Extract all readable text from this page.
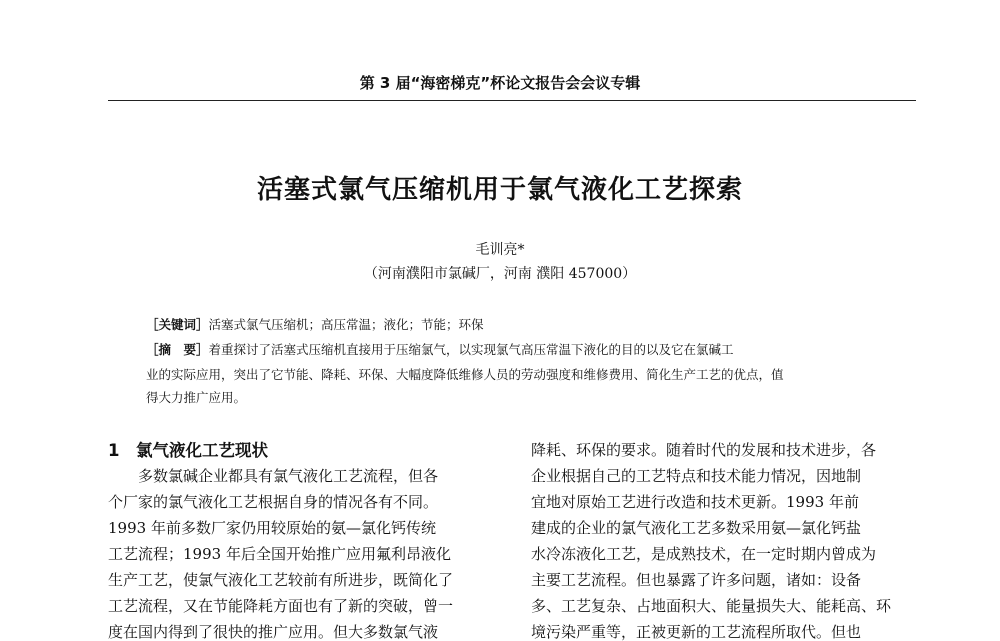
第 3 届“海密梯克”杯论文报告会会议专辑
活塞式氯气压缩机用于氯气液化工艺探索
毛训亮*
（河南濮阳市氯碱厂，河南 濮阳 457000）
［关键词］活塞式氯气压缩机；高压常温；液化；节能；环保
［摘　要］着重探讨了活塞式压缩机直接用于压缩氯气，以实现氯气高压常温下液化的目的以及它在氯碱工
业的实际应用，突出了它节能、降耗、环保、大幅度降低维修人员的劳动强度和维修费用、简化生产工艺的优点，值
得大力推广应用。
1　氯气液化工艺现状
　　多数氯碱企业都具有氯气液化工艺流程，但各
个厂家的氯气液化工艺根据自身的情况各有不同。
1993 年前多数厂家仍用较原始的氨—氯化钙传统
工艺流程；1993 年后全国开始推广应用氟利昂液化
生产工艺，使氯气液化工艺较前有所进步，既简化了
工艺流程，又在节能降耗方面也有了新的突破，曾一
度在国内得到了很快的推广应用。但大多数氯气液
降耗、环保的要求。随着时代的发展和技术进步，各
企业根据自己的工艺特点和技术能力情况，因地制
宜地对原始工艺进行改造和技术更新。1993 年前
建成的企业的氯气液化工艺多数采用氨—氯化钙盐
水冷冻液化工艺，是成熟技术，在一定时期内曾成为
主要工艺流程。但也暴露了许多问题，诸如：设备
多、工艺复杂、占地面积大、能量损失大、能耗高、环
境污染严重等，正被更新的工艺流程所取代。但也
